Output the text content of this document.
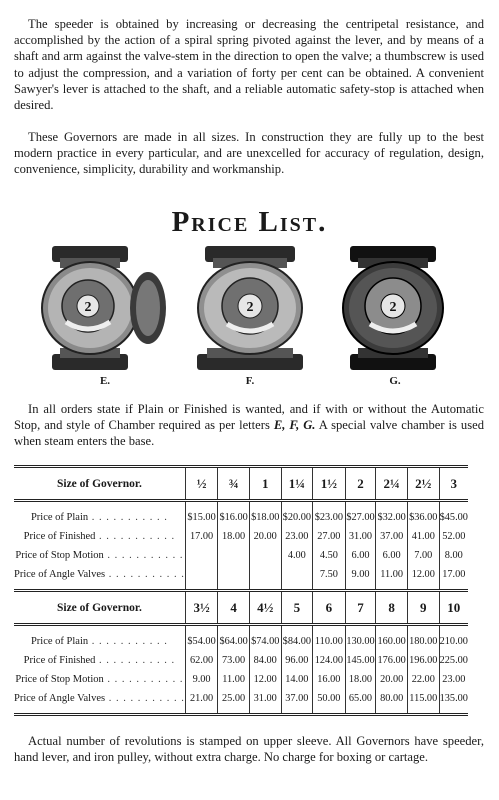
The speeder is obtained by increasing or decreasing the centripetal resistance, and accomplished by the action of a spiral spring pivoted against the lever, and by means of a shaft and arm against the valve-stem in the direction to open the valve; a thumbscrew is used to adjust the compression, and a variation of forty per cent can be obtained. A convenient Sawyer's lever is attached to the shaft, and a reliable automatic safety-stop is attached when desired.

These Governors are made in all sizes. In construction they are fully up to the best modern practice in every particular, and are unexcelled for accuracy of regulation, design, convenience, simplicity, durability and workmanship.

Price List.
2
E.
2
F.
2
G.

In all orders state if Plain or Finished is wanted, and if with or without the Automatic Stop, and style of Chamber required as per letters E, F, G. A special valve chamber is used when steam enters the base.

Size of Governor.	½	¾	1	1¼	1½	2	2¼	2½	3

Price of Plain . . . . . . . . . . .	$15.00	$16.00	$18.00	$20.00	$23.00	$27.00	$32.00	$36.00	$45.00
Price of Finished . . . . . . . . . . .	17.00	18.00	20.00	23.00	27.00	31.00	37.00	41.00	52.00
Price of Stop Motion . . . . . . . . . . .				4.00	4.50	6.00	6.00	7.00	8.00
Price of Angle Valves . . . . . . . . . . .					7.50	9.00	11.00	12.00	17.00

Size of Governor.	3½	4	4½	5	6	7	8	9	10

Price of Plain . . . . . . . . . . .	$54.00	$64.00	$74.00	$84.00	110.00	130.00	160.00	180.00	210.00
Price of Finished . . . . . . . . . . .	62.00	73.00	84.00	96.00	124.00	145.00	176.00	196.00	225.00
Price of Stop Motion . . . . . . . . . . .	9.00	11.00	12.00	14.00	16.00	18.00	20.00	22.00	23.00
Price of Angle Valves . . . . . . . . . . .	21.00	25.00	31.00	37.00	50.00	65.00	80.00	115.00	135.00

Actual number of revolutions is stamped on upper sleeve. All Governors have speeder, hand lever, and iron pulley, without extra charge. No charge for boxing or cartage.
